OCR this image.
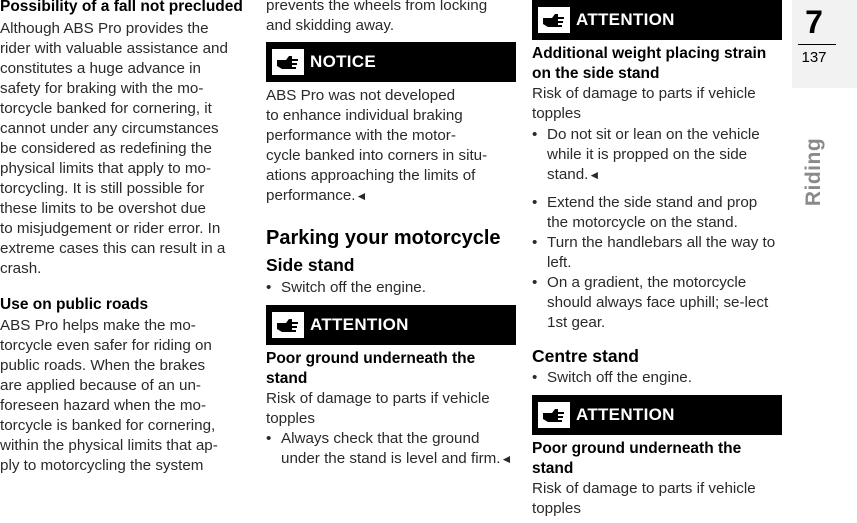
Possibility of a fall not precluded
Although ABS Pro provides the
rider with valuable assistance and
constitutes a huge advance in
safety for braking with the mo-
torcycle banked for cornering, it
cannot under any circumstances
be considered as redefining the
physical limits that apply to mo-
torcycling. It is still possible for
these limits to be overshot due
to misjudgement or rider error. In
extreme cases this can result in a
crash.
Use on public roads
ABS Pro helps make the mo-
torcycle even safer for riding on
public roads. When the brakes
are applied because of an un-
foreseen hazard when the mo-
torcycle is banked for cornering,
within the physical limits that ap-
ply to motorcycling the system
prevents the wheels from locking
and skidding away.
NOTICE
ABS Pro was not developed
to enhance individual braking
performance with the motor-
cycle banked into corners in situ-
ations approaching the limits of
performance.◄
Parking your motorcycle
Side stand
• Switch off the engine.
ATTENTION
Poor ground underneath the stand
Risk of damage to parts if vehicle topples
• Always check that the ground under the stand is level and firm.◄
ATTENTION
Additional weight placing strain on the side stand
Risk of damage to parts if vehicle topples
• Do not sit or lean on the vehicle while it is propped on the side stand.◄
• Extend the side stand and prop the motorcycle on the stand.
• Turn the handlebars all the way to left.
• On a gradient, the motorcycle should always face uphill; se-lect 1st gear.
Centre stand
• Switch off the engine.
ATTENTION
Poor ground underneath the stand
Risk of damage to parts if vehicle topples
7
137
Riding
